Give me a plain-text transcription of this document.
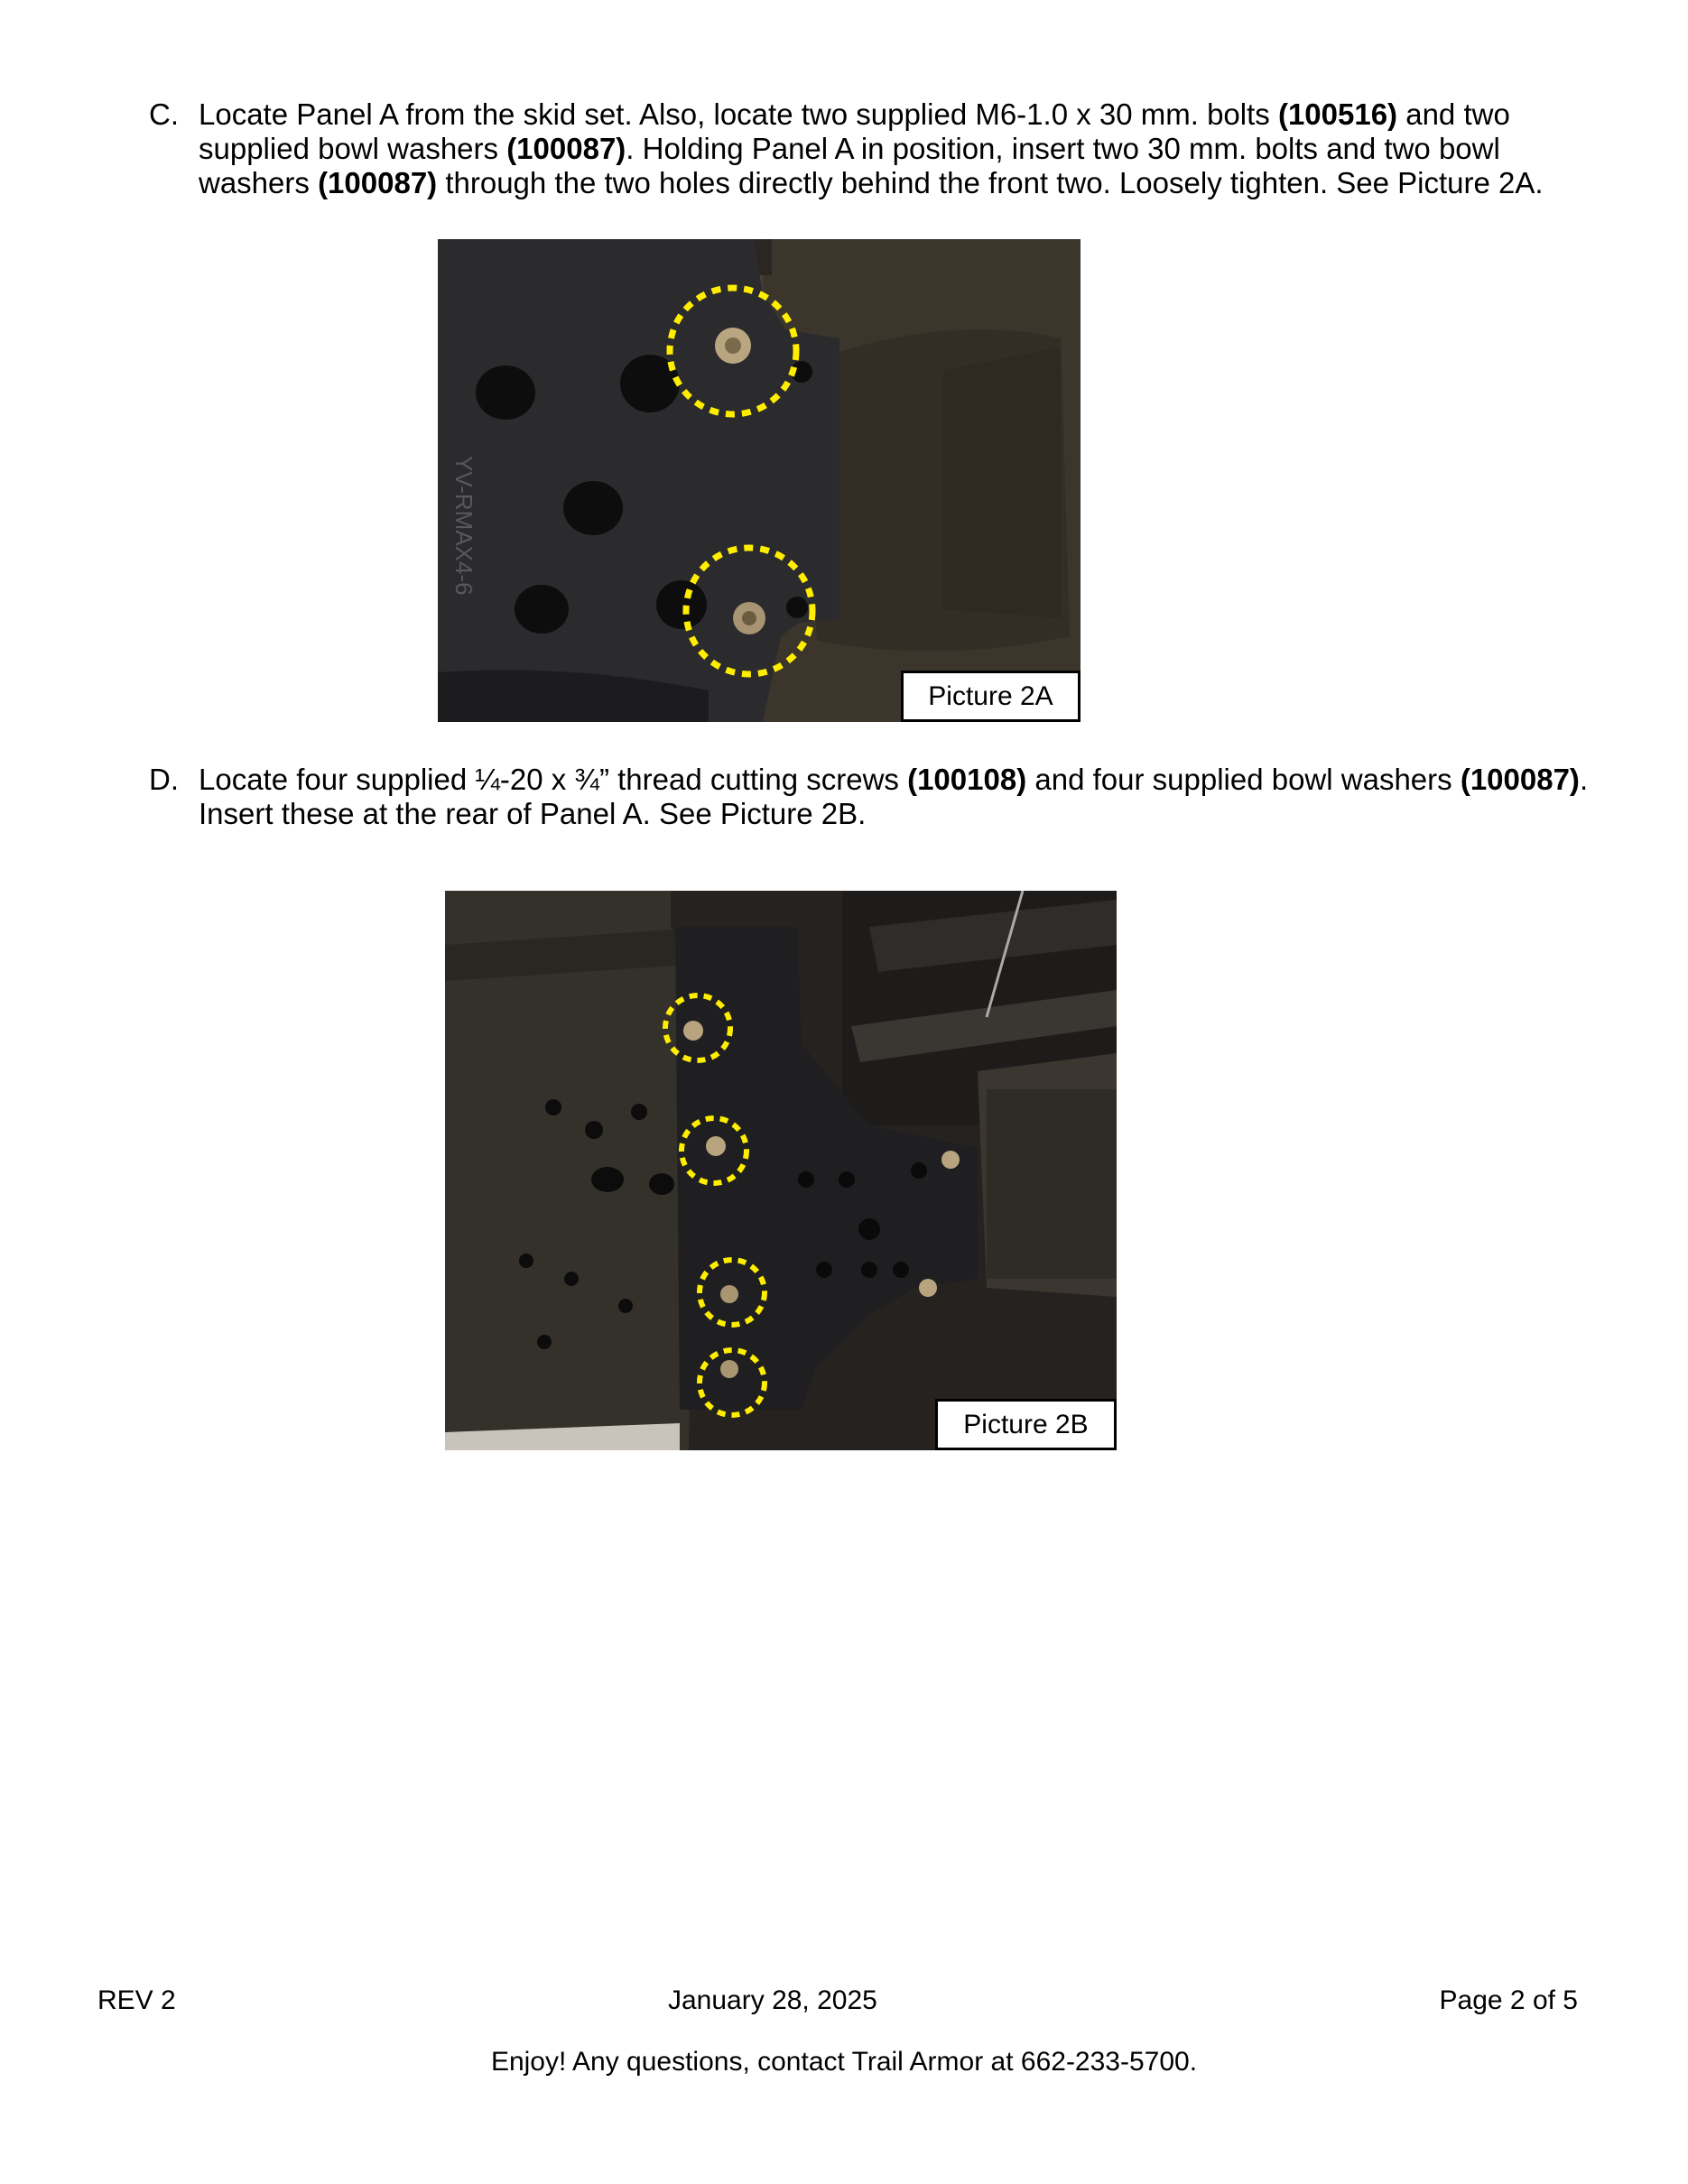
C. Locate Panel A from the skid set. Also, locate two supplied M6-1.0 x 30 mm. bolts (100516) and two supplied bowl washers (100087). Holding Panel A in position, insert two 30 mm. bolts and two bowl washers (100087) through the two holes directly behind the front two. Loosely tighten. See Picture 2A.
YV-RMAX4-6
Picture 2A
D. Locate four supplied ¼-20 x ¾” thread cutting screws (100108) and four supplied bowl washers (100087). Insert these at the rear of Panel A. See Picture 2B.
Picture 2B
REV 2	January 28, 2025	Page 2 of 5
Enjoy! Any questions, contact Trail Armor at 662-233-5700.
